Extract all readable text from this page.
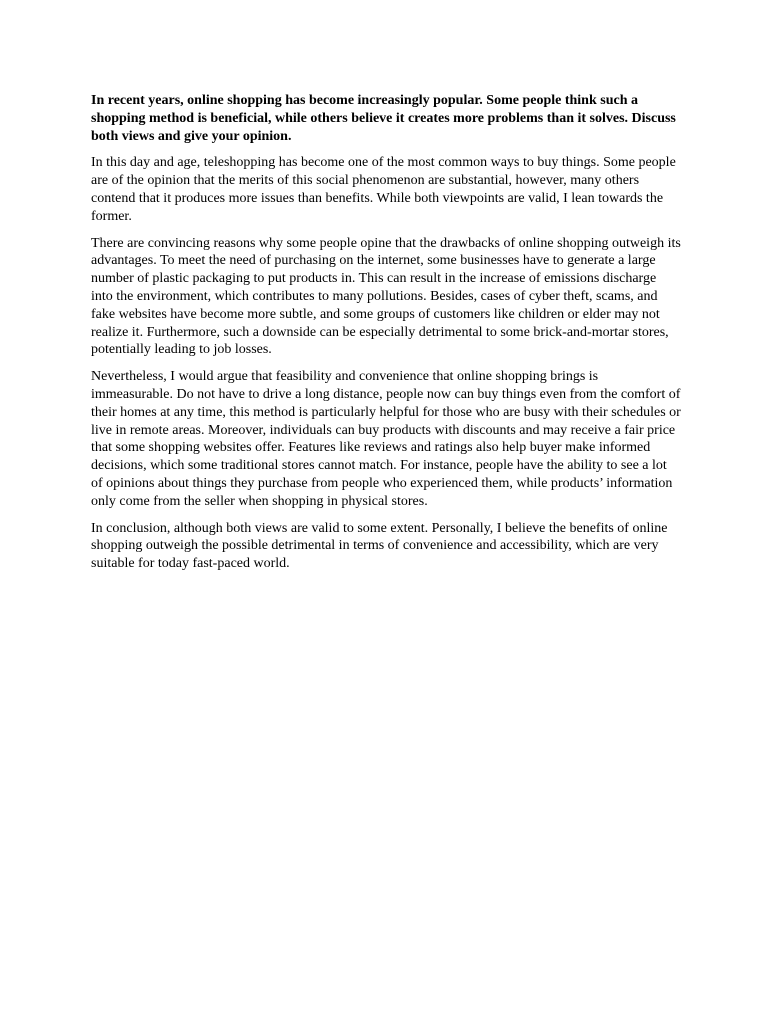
In recent years, online shopping has become increasingly popular. Some people think such a shopping method is beneficial, while others believe it creates more problems than it solves. Discuss both views and give your opinion.

In this day and age, teleshopping has become one of the most common ways to buy things. Some people are of the opinion that the merits of this social phenomenon are substantial, however, many others contend that it produces more issues than benefits. While both viewpoints are valid, I lean towards the former.

There are convincing reasons why some people opine that the drawbacks of online shopping outweigh its advantages. To meet the need of purchasing on the internet, some businesses have to generate a large number of plastic packaging to put products in. This can result in the increase of emissions discharge into the environment, which contributes to many pollutions. Besides, cases of cyber theft, scams, and fake websites have become more subtle, and some groups of customers like children or elder may not realize it. Furthermore, such a downside can be especially detrimental to some brick-and-mortar stores, potentially leading to job losses.

Nevertheless, I would argue that feasibility and convenience that online shopping brings is immeasurable. Do not have to drive a long distance, people now can buy things even from the comfort of their homes at any time, this method is particularly helpful for those who are busy with their schedules or live in remote areas. Moreover, individuals can buy products with discounts and may receive a fair price that some shopping websites offer. Features like reviews and ratings also help buyer make informed decisions, which some traditional stores cannot match. For instance, people have the ability to see a lot of opinions about things they purchase from people who experienced them, while products’ information only come from the seller when shopping in physical stores.

In conclusion, although both views are valid to some extent. Personally, I believe the benefits of online shopping outweigh the possible detrimental in terms of convenience and accessibility, which are very suitable for today fast-paced world.
